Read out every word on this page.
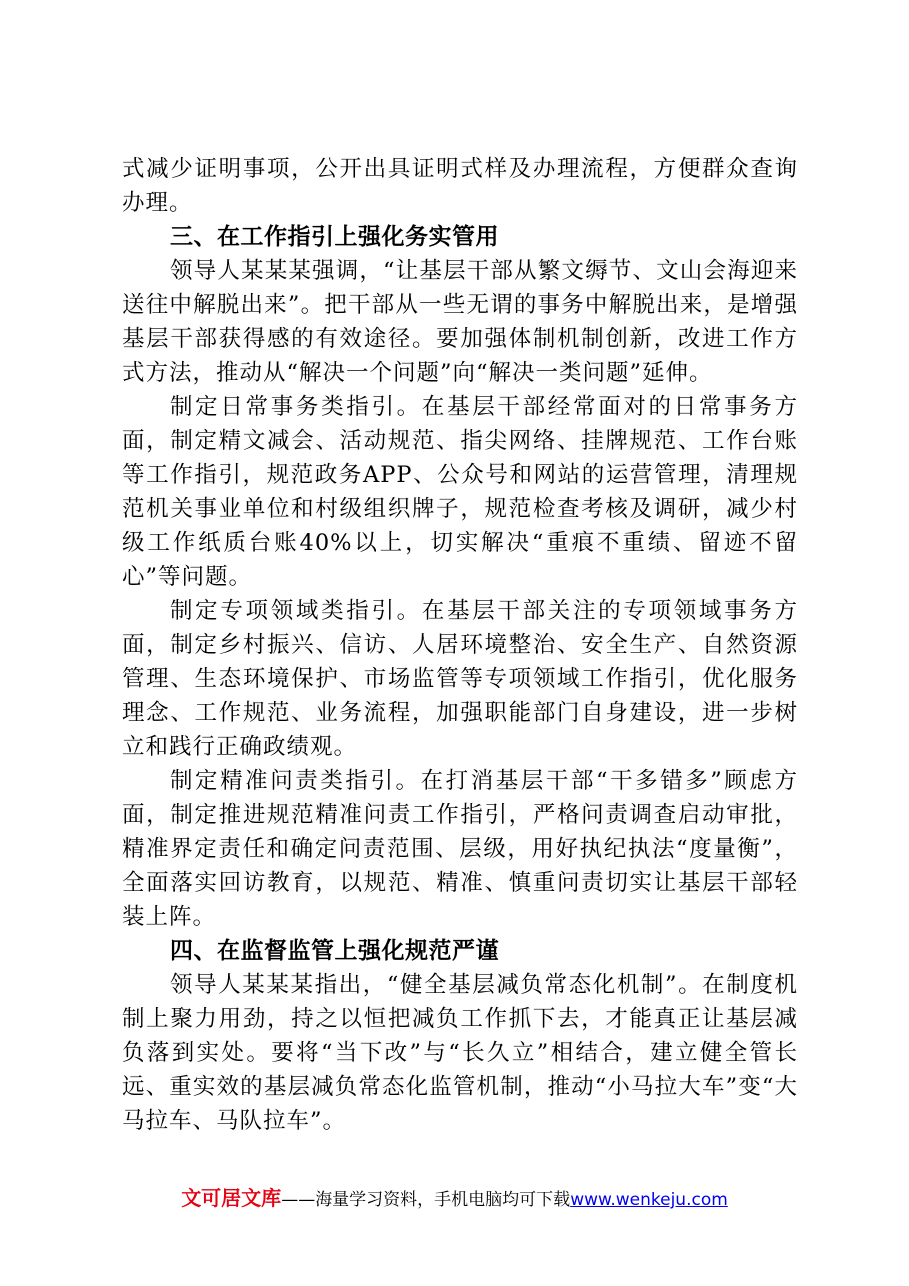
式减少证明事项，公开出具证明式样及办理流程，方便群众查询办理。

三、在工作指引上强化务实管用

领导人某某某强调，“让基层干部从繁文缛节、文山会海迎来送往中解脱出来”。把干部从一些无谓的事务中解脱出来，是增强基层干部获得感的有效途径。要加强体制机制创新，改进工作方式方法，推动从“解决一个问题”向“解决一类问题”延伸。

制定日常事务类指引。在基层干部经常面对的日常事务方面，制定精文减会、活动规范、指尖网络、挂牌规范、工作台账等工作指引，规范政务APP、公众号和网站的运营管理，清理规范机关事业单位和村级组织牌子，规范检查考核及调研，减少村级工作纸质台账40%以上，切实解决“重痕不重绩、留迹不留心”等问题。

制定专项领域类指引。在基层干部关注的专项领域事务方面，制定乡村振兴、信访、人居环境整治、安全生产、自然资源管理、生态环境保护、市场监管等专项领域工作指引，优化服务理念、工作规范、业务流程，加强职能部门自身建设，进一步树立和践行正确政绩观。

制定精准问责类指引。在打消基层干部“干多错多”顾虑方面，制定推进规范精准问责工作指引，严格问责调查启动审批，精准界定责任和确定问责范围、层级，用好执纪执法“度量衡”，全面落实回访教育，以规范、精准、慎重问责切实让基层干部轻装上阵。

四、在监督监管上强化规范严谨

领导人某某某指出，“健全基层减负常态化机制”。在制度机制上聚力用劲，持之以恒把减负工作抓下去，才能真正让基层减负落到实处。要将“当下改”与“长久立”相结合，建立健全管长远、重实效的基层减负常态化监管机制，推动“小马拉大车”变“大马拉车、马队拉车”。

文可居文库——海量学习资料，手机电脑均可下载www.wenkeju.com
